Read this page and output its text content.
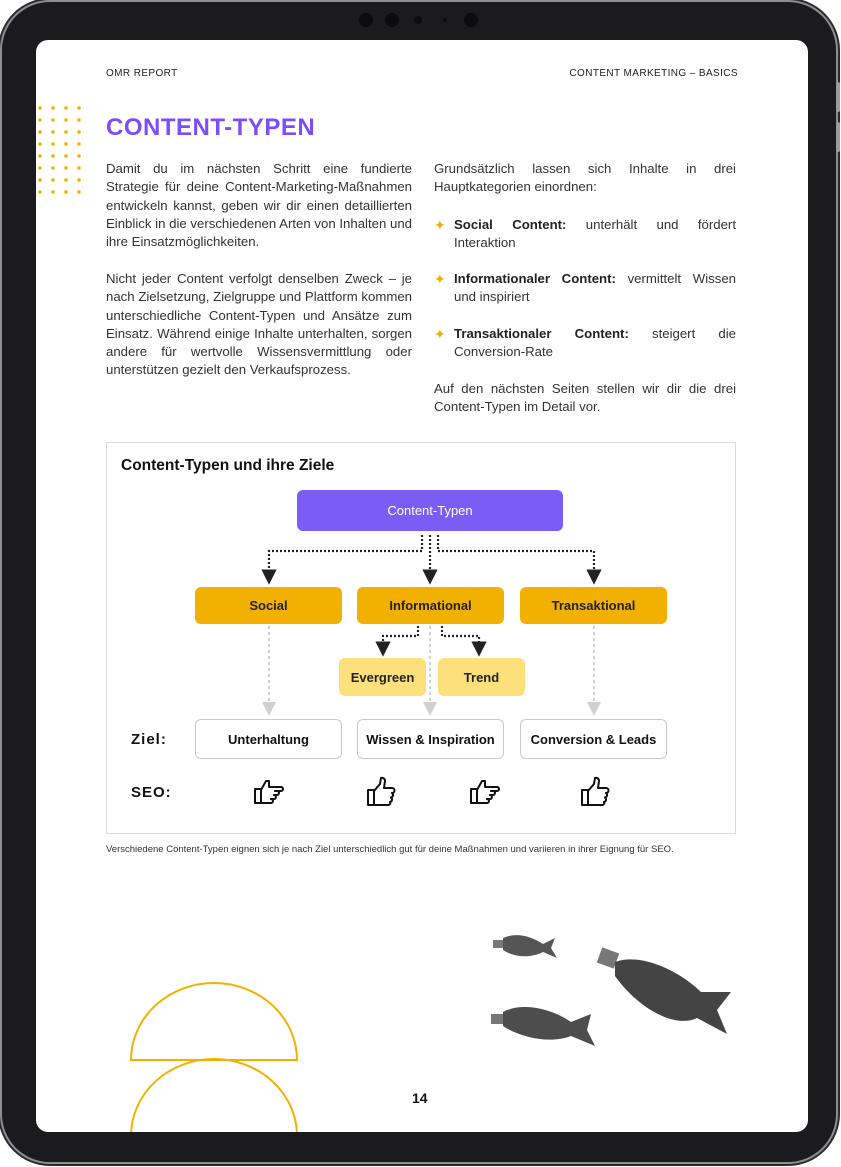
OMR REPORT	CONTENT MARKETING – BASICS
CONTENT-TYPEN

Damit du im nächsten Schritt eine fundierte Strategie für deine Content-Marketing-Maßnahmen entwickeln kannst, geben wir dir einen detaillierten Einblick in die verschiedenen Arten von Inhalten und ihre Einsatzmöglichkeiten.

Nicht jeder Content verfolgt denselben Zweck – je nach Zielsetzung, Zielgruppe und Plattform kommen unterschiedliche Content-Typen und Ansätze zum Einsatz. Während einige Inhalte unterhalten, sorgen andere für wertvolle Wissensvermittlung oder unterstützen gezielt den Verkaufsprozess.

Grundsätzlich lassen sich Inhalte in drei Hauptkategorien einordnen:

✦ Social Content: unterhält und fördert Interaktion
✦ Informationaler Content: vermittelt Wissen und inspiriert
✦ Transaktionaler Content: steigert die Conversion-Rate

Auf den nächsten Seiten stellen wir dir die drei Content-Typen im Detail vor.

Content-Typen und ihre Ziele
Content-Typen
Social	Informational	Transaktional
Evergreen	Trend
Ziel:	Unterhaltung	Wissen & Inspiration	Conversion & Leads
SEO:
Verschiedene Content-Typen eignen sich je nach Ziel unterschiedlich gut für deine Maßnahmen und variieren in ihrer Eignung für SEO.
14
